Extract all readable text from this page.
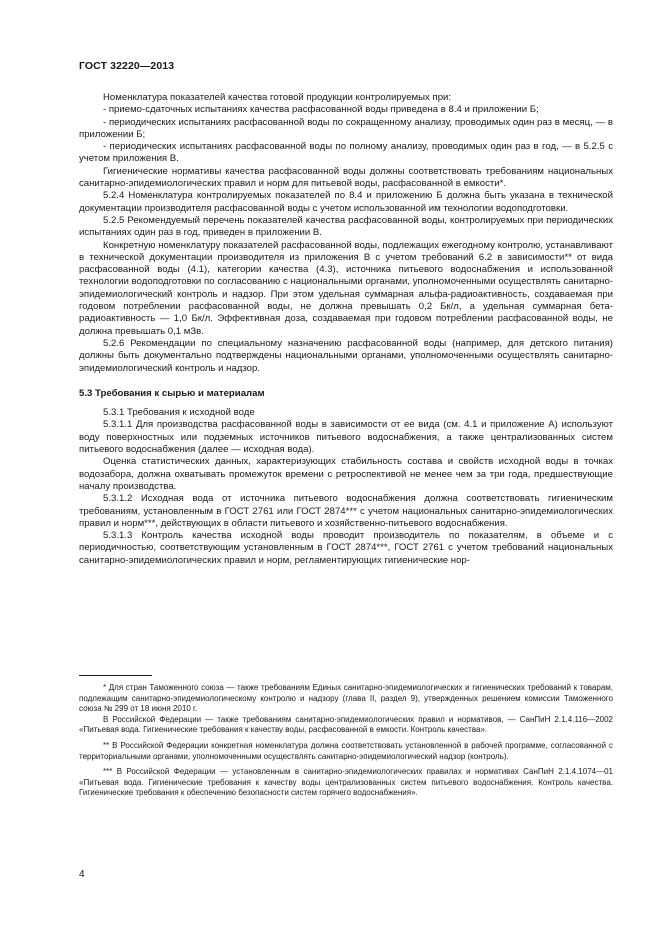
ГОСТ 32220—2013

Номенклатура показателей качества готовой продукции контролируемых при:

- приемо-сдаточных испытаниях качества расфасованной воды приведена в 8.4 и приложении Б;

- периодических испытаниях расфасованной воды по сокращенному анализу, проводимых один раз в месяц, — в приложении Б;

- периодических испытаниях расфасованной воды по полному анализу, проводимых один раз в год, — в 5.2.5 с учетом приложения В.

Гигиенические нормативы качества расфасованной воды должны соответствовать требованиям национальных санитарно-эпидемиологических правил и норм для питьевой воды, расфасованной в емкости*.

5.2.4 Номенклатура контролируемых показателей по 8.4 и приложению Б должна быть указана в технической документации производителя расфасованной воды с учетом использованной им технологии водоподготовки.

5.2.5 Рекомендуемый перечень показателей качества расфасованной воды, контролируемых при периодических испытаниях один раз в год, приведен в приложении В.

Конкретную номенклатуру показателей расфасованной воды, подлежащих ежегодному контролю, устанавливают в технической документации производителя из приложения В с учетом требований 6.2 в зависимости** от вида расфасованной воды (4.1), категории качества (4.3), источника питьевого водоснабжения и использованной технологии водоподготовки по согласованию с национальными органами, уполномоченными осуществлять санитарно-эпидемиологический контроль и надзор. При этом удельная суммарная альфа-радиоактивность, создаваемая при годовом потреблении расфасованной воды, не должна превышать 0,2 Бк/л, а удельная суммарная бета-радиоактивность — 1,0 Бк/л. Эффективная доза, создаваемая при годовом потреблении расфасованной воды, не должна превышать 0,1 мЗв.

5.2.6 Рекомендации по специальному назначению расфасованной воды (например, для детского питания) должны быть документально подтверждены национальными органами, уполномоченными осуществлять санитарно-эпидемиологический контроль и надзор.

5.3 Требования к сырью и материалам

5.3.1 Требования к исходной воде

5.3.1.1 Для производства расфасованной воды в зависимости от ее вида (см. 4.1 и приложение А) используют воду поверхностных или подземных источников питьевого водоснабжения, а также централизованных систем питьевого водоснабжения (далее — исходная вода).

Оценка статистических данных, характеризующих стабильность состава и свойств исходной воды в точках водозабора, должна охватывать промежуток времени с ретроспективой не менее чем за три года, предшествующие началу производства.

5.3.1.2 Исходная вода от источника питьевого водоснабжения должна соответствовать гигиеническим требованиям, установленным в ГОСТ 2761 или ГОСТ 2874*** с учетом национальных санитарно-эпидемиологических правил и норм***, действующих в области питьевого и хозяйственно-питьевого водоснабжения.

5.3.1.3 Контроль качества исходной воды проводит производитель по показателям, в объеме и с периодичностью, соответствующим установленным в ГОСТ 2874***, ГОСТ 2761 с учетом требований национальных санитарно-эпидемиологических правил и норм, регламентирующих гигиенические нор-

* Для стран Таможенного союза — также требованиям Единых санитарно-эпидемиологических и гигиенических требований к товарам, подлежащим санитарно-эпидемиологическому контролю и надзору (глава II, раздел 9), утвержденных решением комиссии Таможенного союза № 299 от 18 июня 2010 г.

В Российской Федерации — также требованиям санитарно-эпидемиологических правил и нормативов, — СанПиН 2.1.4.116—2002 «Питьевая вода. Гигиенические требования к качеству воды, расфасованной в емкости. Контроль качества».

** В Российской Федерации конкретная номенклатура должна соответствовать установленной в рабочей программе, согласованной с территориальными органами, уполномоченными осуществлять санитарно-эпидемиологический надзор (контроль).

*** В Российской Федерации — установленным в санитарно-эпидемиологических правилах и нормативах СанПиН 2.1.4.1074—01 «Питьевая вода. Гигиенические требования к качеству воды централизованных систем питьевого водоснабжения. Контроль качества. Гигиенические требования к обеспечению безопасности систем горячего водоснабжения».

4
